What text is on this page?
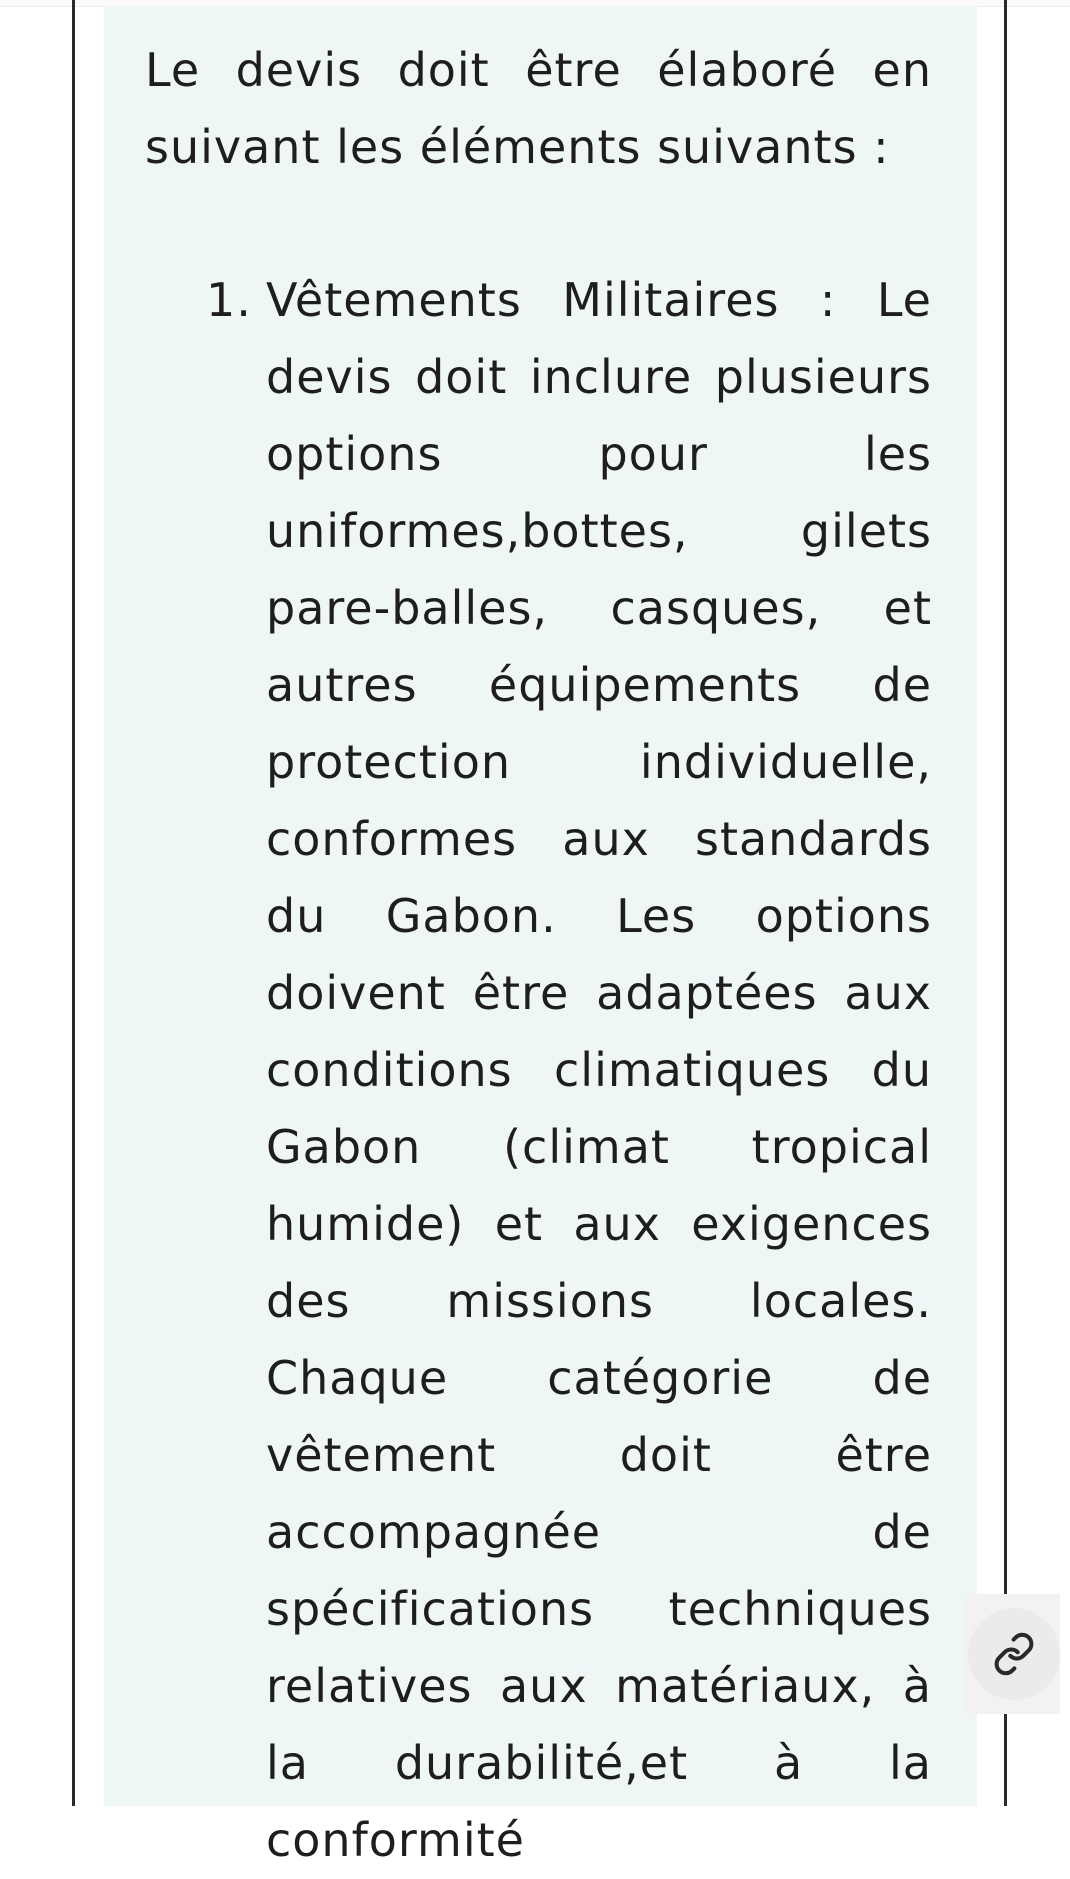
Le devis doit être élaboré en suivant les éléments suivants :

1. Vêtements Militaires : Le devis doit inclure plusieurs options pour les uniformes,bottes, gilets pare-balles, casques, et autres équipements de protection individuelle, conformes aux standards du Gabon. Les options doivent être adaptées aux conditions climatiques du Gabon (climat tropical humide) et aux exigences des missions locales. Chaque catégorie de vêtement doit être accompagnée de spécifications techniques relatives aux matériaux, à la durabilité,et à la conformité
